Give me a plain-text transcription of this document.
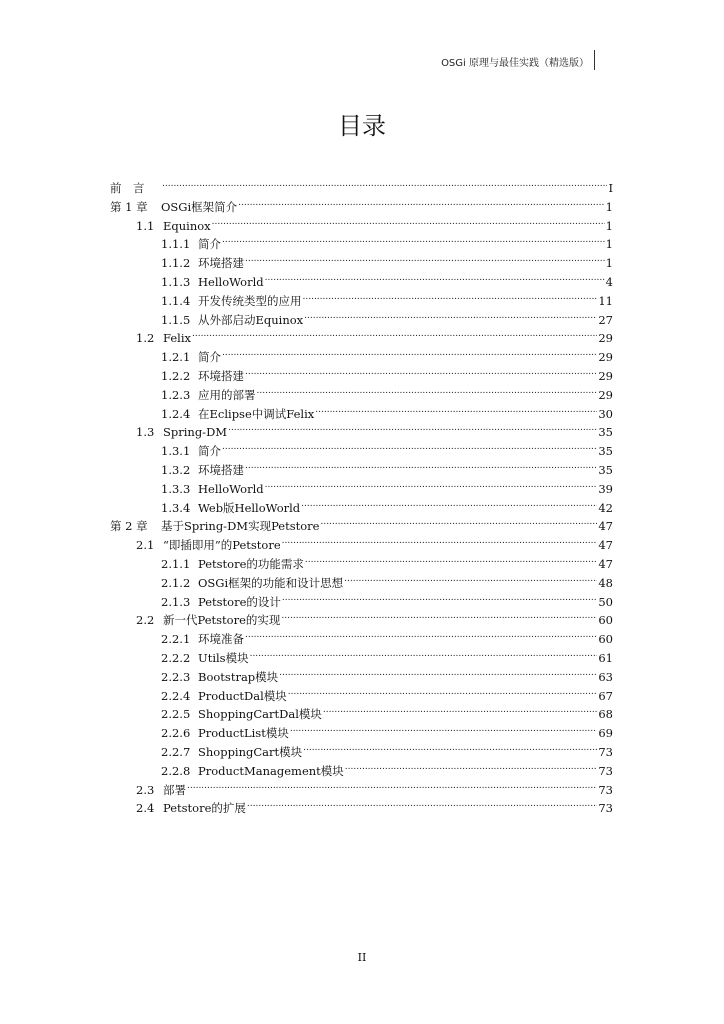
OSGi 原理与最佳实践（精选版）
目录
前　言 .....	I
第 1 章 OSGi框架简介 .....	1
1.1 Equinox .....	1
1.1.1 简介 .....	1
1.1.2 环境搭建 .....	1
1.1.3 HelloWorld .....	4
1.1.4 开发传统类型的应用 .....	11
1.1.5 从外部启动Equinox .....	27
1.2 Felix .....	29
1.2.1 简介 .....	29
1.2.2 环境搭建 .....	29
1.2.3 应用的部署 .....	29
1.2.4 在Eclipse中调试Felix .....	30
1.3 Spring-DM .....	35
1.3.1 简介 .....	35
1.3.2 环境搭建 .....	35
1.3.3 HelloWorld .....	39
1.3.4 Web版HelloWorld .....	42
第 2 章 基于Spring-DM实现Petstore .....	47
2.1 “即插即用”的Petstore .....	47
2.1.1 Petstore的功能需求 .....	47
2.1.2 OSGi框架的功能和设计思想 .....	48
2.1.3 Petstore的设计 .....	50
2.2 新一代Petstore的实现 .....	60
2.2.1 环境准备 .....	60
2.2.2 Utils模块 .....	61
2.2.3 Bootstrap模块 .....	63
2.2.4 ProductDal模块 .....	67
2.2.5 ShoppingCartDal模块 .....	68
2.2.6 ProductList模块 .....	69
2.2.7 ShoppingCart模块 .....	73
2.2.8 ProductManagement模块 .....	73
2.3 部署 .....	73
2.4 Petstore的扩展 .....	73
II
